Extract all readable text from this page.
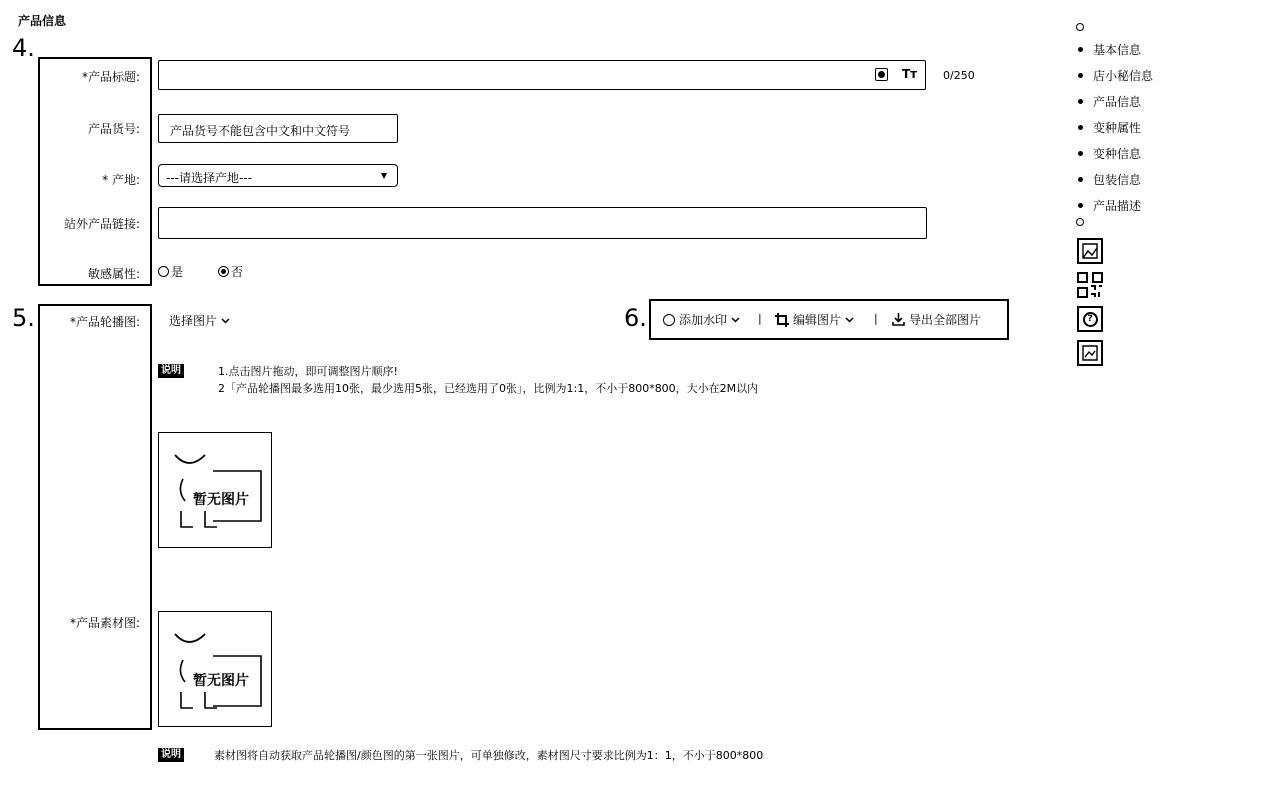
产品信息
4.
5.	6.
*产品标题:	Tт 0/250
产品货号:	产品货号不能包含中文和中文符号
* 产地: ---请选择产地---
站外产品链接:
敏感属性:	是	否
*产品轮播图: 选择图片	添加水印	|	编辑图片	|	导出全部图片
说明	1.点击图片拖动，即可调整图片顺序!
2「产品轮播图最多选用10张，最少选用5张，已经选用了0张」，比例为1:1，不小于800*800，大小在2M以内
暂无图片
*产品素材图:
暂无图片
说明	素材图将自动获取产品轮播图/颜色图的第一张图片，可单独修改，素材图尺寸要求比例为1：1，不小于800*800
基本信息
店小秘信息
产品信息
变种属性
变种信息
包装信息
产品描述
?
